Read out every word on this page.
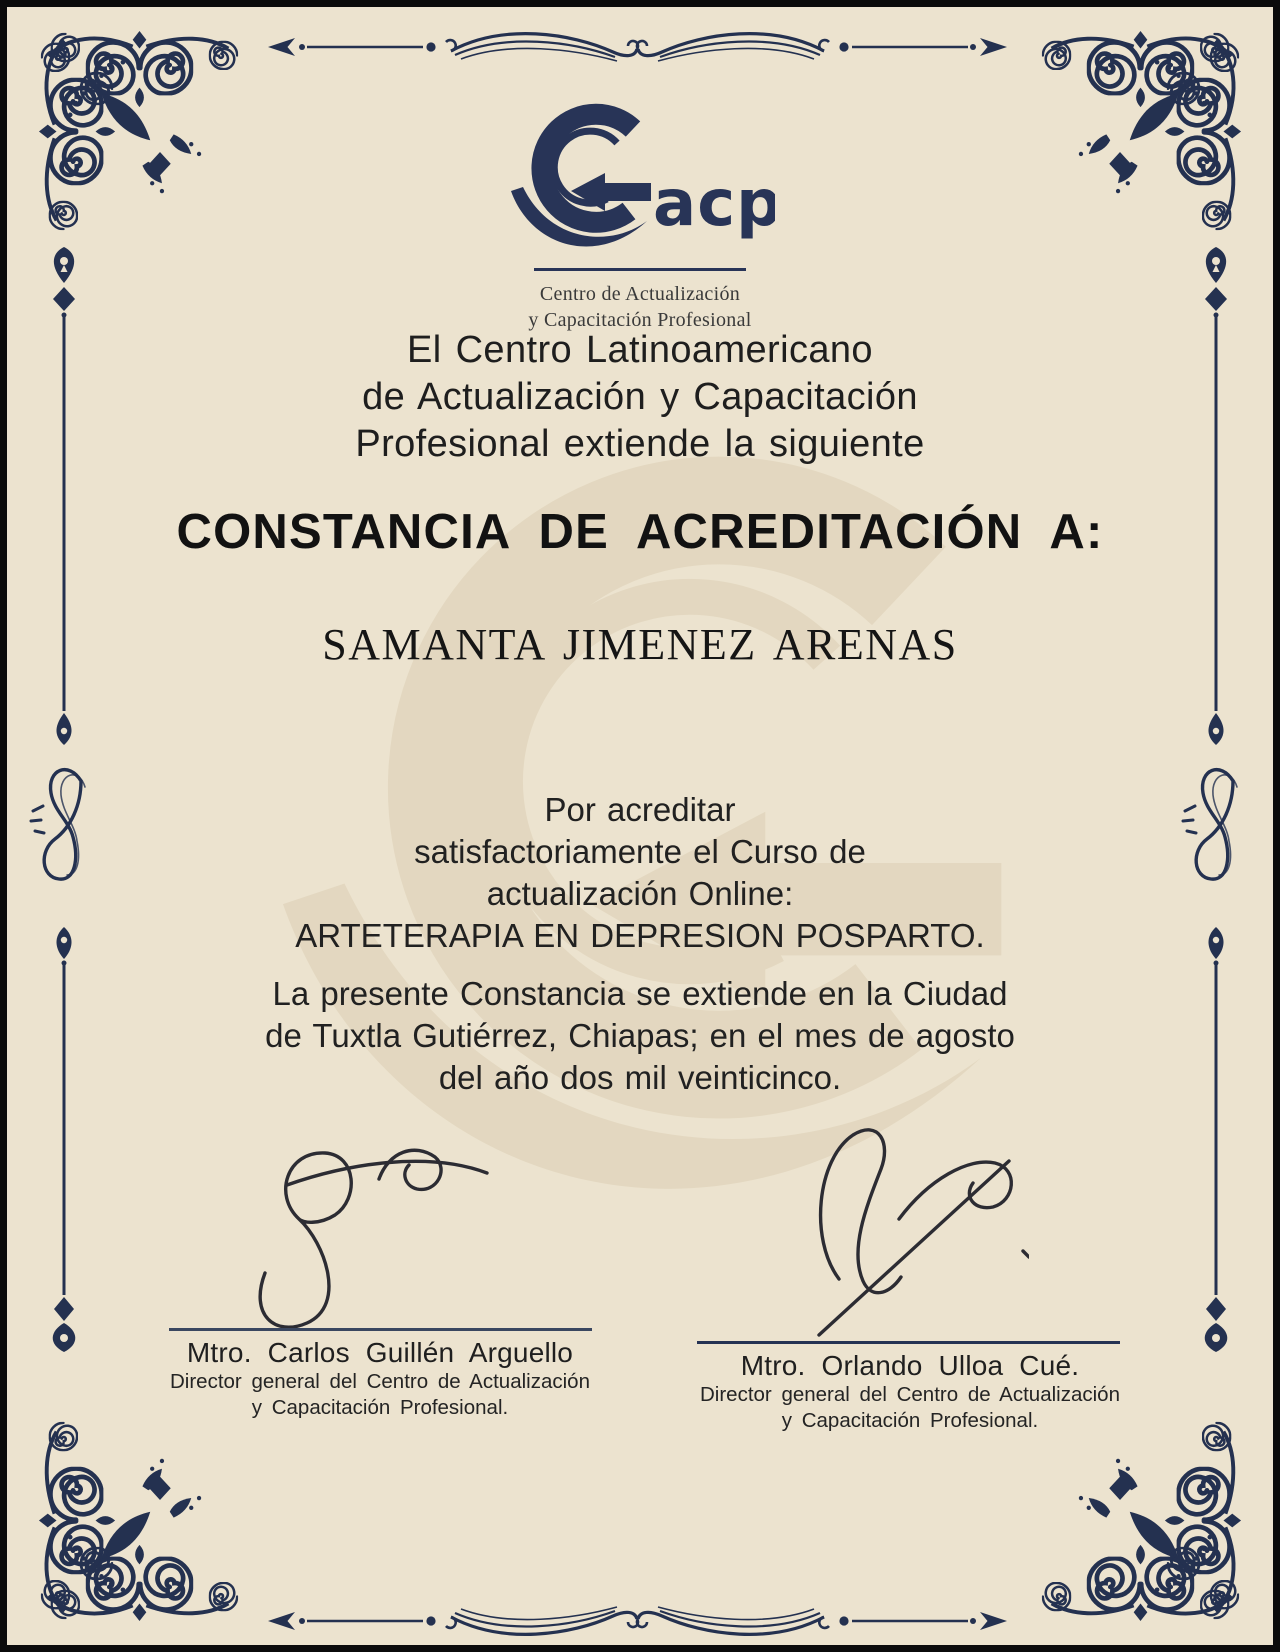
acp
Centro de Actualización
y Capacitación Profesional
El Centro Latinoamericano
de Actualización y Capacitación
Profesional extiende la siguiente
CONSTANCIA DE ACREDITACIÓN A:
SAMANTA JIMENEZ ARENAS
Por acreditar
satisfactoriamente el Curso de
actualización Online:
ARTETERAPIA EN DEPRESION POSPARTO.
La presente Constancia se extiende en la Ciudad
de Tuxtla Gutiérrez, Chiapas; en el mes de agosto
del año dos mil veinticinco.
Mtro. Carlos Guillén Arguello
Director general del Centro de Actualización
y Capacitación Profesional.
Mtro. Orlando Ulloa Cué.
Director general del Centro de Actualización
y Capacitación Profesional.
